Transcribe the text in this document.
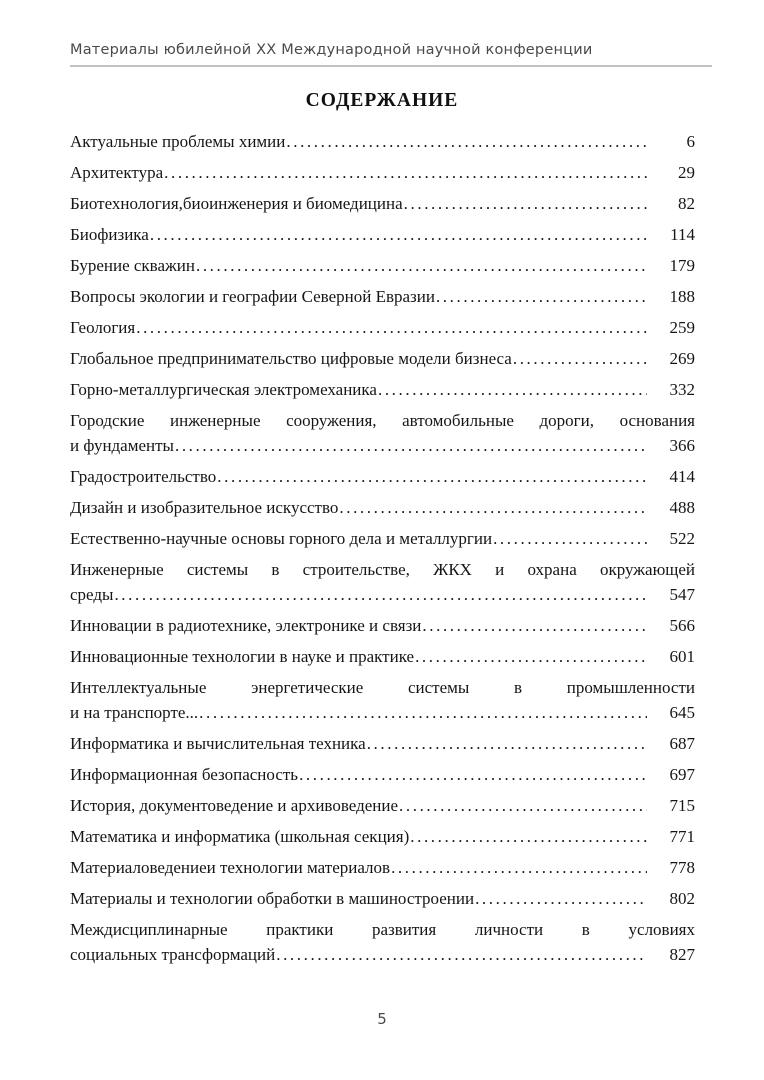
Материалы юбилейной XX Международной научной конференции
СОДЕРЖАНИЕ
Актуальные проблемы химии .....	6
Архитектура .....	29
Биотехнология,биоинженерия и биомедицина .....	82
Биофизика .....	114
Бурение скважин .....	179
Вопросы экологии и географии Северной Евразии .....	188
Геология .....	259
Глобальное предпринимательство цифровые модели бизнеса .....	269
Горно-металлургическая электромеханика .....	332
Городские инженерные сооружения, автомобильные дороги, основания
и фундаменты .....	366
Градостроительство .....	414
Дизайн и изобразительное искусство .....	488
Естественно-научные основы горного дела и металлургии .....	522
Инженерные системы в строительстве, ЖКХ и охрана окружающей
среды .....	547
Инновации в радиотехнике, электронике и связи .....	566
Инновационные технологии в науке и практике .....	601
Интеллектуальные энергетические системы в промышленности
и на транспорте... .....	645
Информатика и вычислительная техника .....	687
Информационная безопасность .....	697
История, документоведение и архивоведение .....	715
Математика и информатика (школьная секция) .....	771
Материаловедениеи технологии материалов .....	778
Материалы и технологии обработки в машиностроении .....	802
Междисциплинарные практики развития личности в условиях
социальных трансформаций .....	827
5
